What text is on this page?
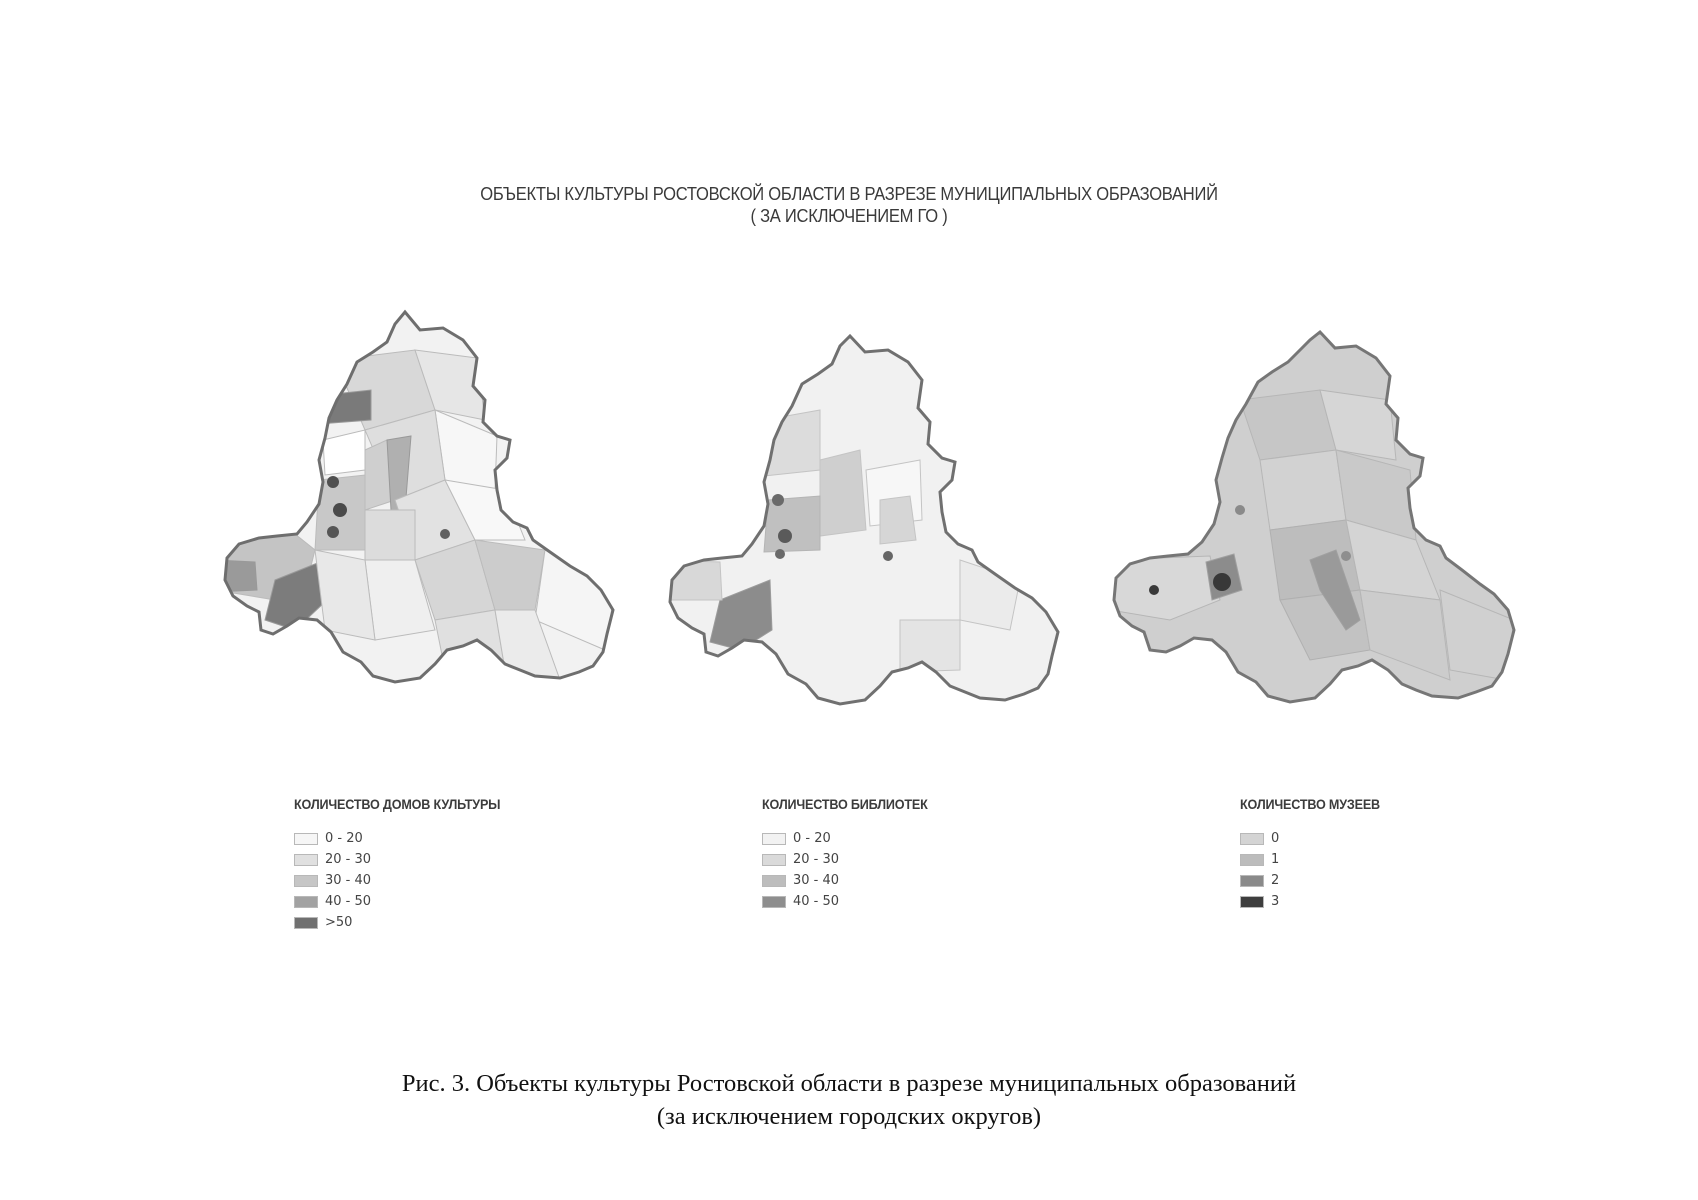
ОБЪЕКТЫ КУЛЬТУРЫ РОСТОВСКОЙ ОБЛАСТИ В РАЗРЕЗЕ МУНИЦИПАЛЬНЫХ ОБРАЗОВАНИЙ
( ЗА ИСКЛЮЧЕНИЕМ ГО )
КОЛИЧЕСТВО ДОМОВ КУЛЬТУРЫ
0 - 20
20 - 30
30 - 40
40 - 50
>50
КОЛИЧЕСТВО БИБЛИОТЕК
0 - 20
20 - 30
30 - 40
40 - 50
КОЛИЧЕСТВО МУЗЕЕВ
0
1
2
3
Рис. 3. Объекты культуры Ростовской области в разрезе муниципальных образований
(за исключением городских округов)
